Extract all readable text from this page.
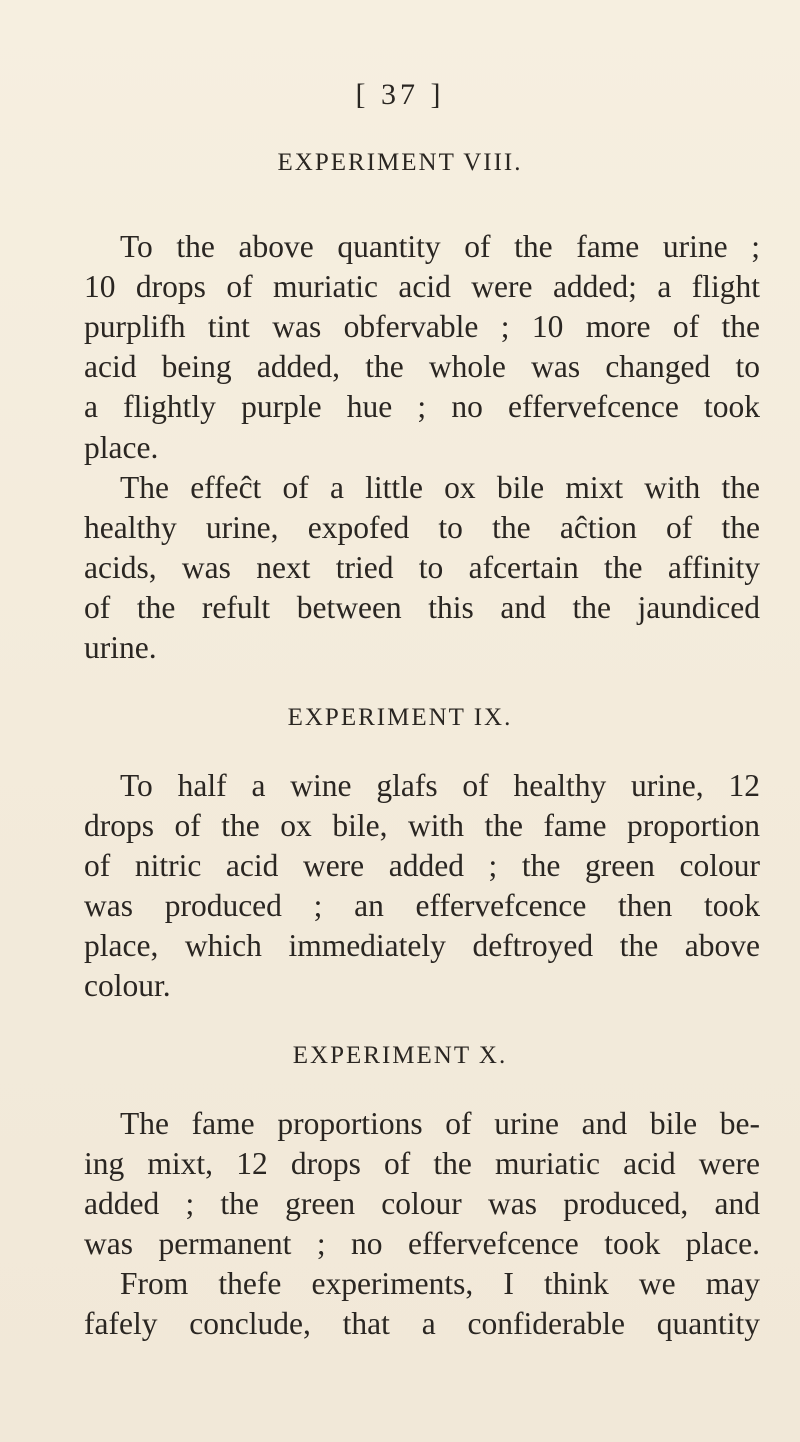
[ 37 ]
EXPERIMENT VIII.
To the above quantity of the fame urine ;
10 drops of muriatic acid were added; a flight
purplifh tint was obfervable ; 10 more of the
acid being added, the whole was changed to
a flightly purple hue ; no effervefcence took
place.
The effeĉt of a little ox bile mixt with the
healthy urine, expofed to the aĉtion of the
acids, was next tried to afcertain the affinity
of the refult between this and the jaundiced
urine.
EXPERIMENT IX.
To half a wine glafs of healthy urine, 12
drops of the ox bile, with the fame proportion
of nitric acid were added ; the green colour
was produced ; an effervefcence then took
place, which immediately deftroyed the above
colour.
EXPERIMENT X.
The fame proportions of urine and bile be-
ing mixt, 12 drops of the muriatic acid were
added ; the green colour was produced, and
was permanent ; no effervefcence took place.
From thefe experiments, I think we may
fafely conclude, that a confiderable quantity
